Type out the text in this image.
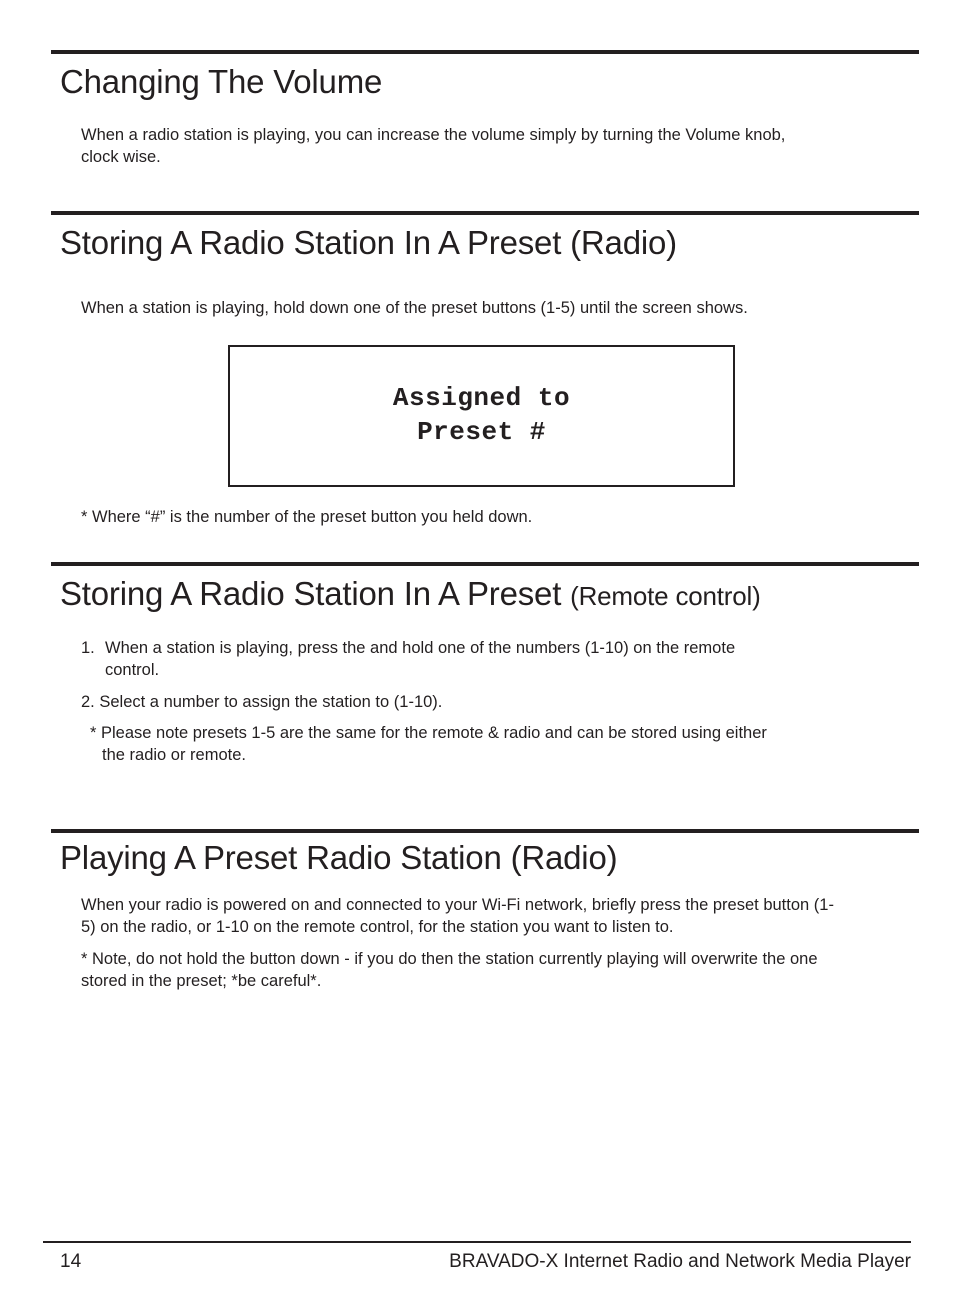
Changing The Volume

When a radio station is playing, you can increase the volume simply by turning the Volume knob, clock wise.

Storing A Radio Station In A Preset (Radio)

When a station is playing, hold down one of the preset buttons (1-5) until the screen shows.

Assigned to
Preset #

* Where “#” is the number of the preset button you held down.

Storing A Radio Station In A Preset (Remote control)
1. When a station is playing, press the and hold one of the numbers (1-10) on the remote control.
2. Select a number to assign the station to (1-10).

* Please note presets 1-5 are the same for the remote & radio and can be stored using either the radio or remote.

Playing A Preset Radio Station (Radio)

When your radio is powered on and connected to your Wi-Fi network, briefly press the preset button (1-5) on the radio, or 1-10 on the remote control, for the station you want to listen to.

* Note, do not hold the button down - if you do then the station currently playing will overwrite the one stored in the preset; *be careful*.

14	BRAVADO-X Internet Radio and Network Media Player
